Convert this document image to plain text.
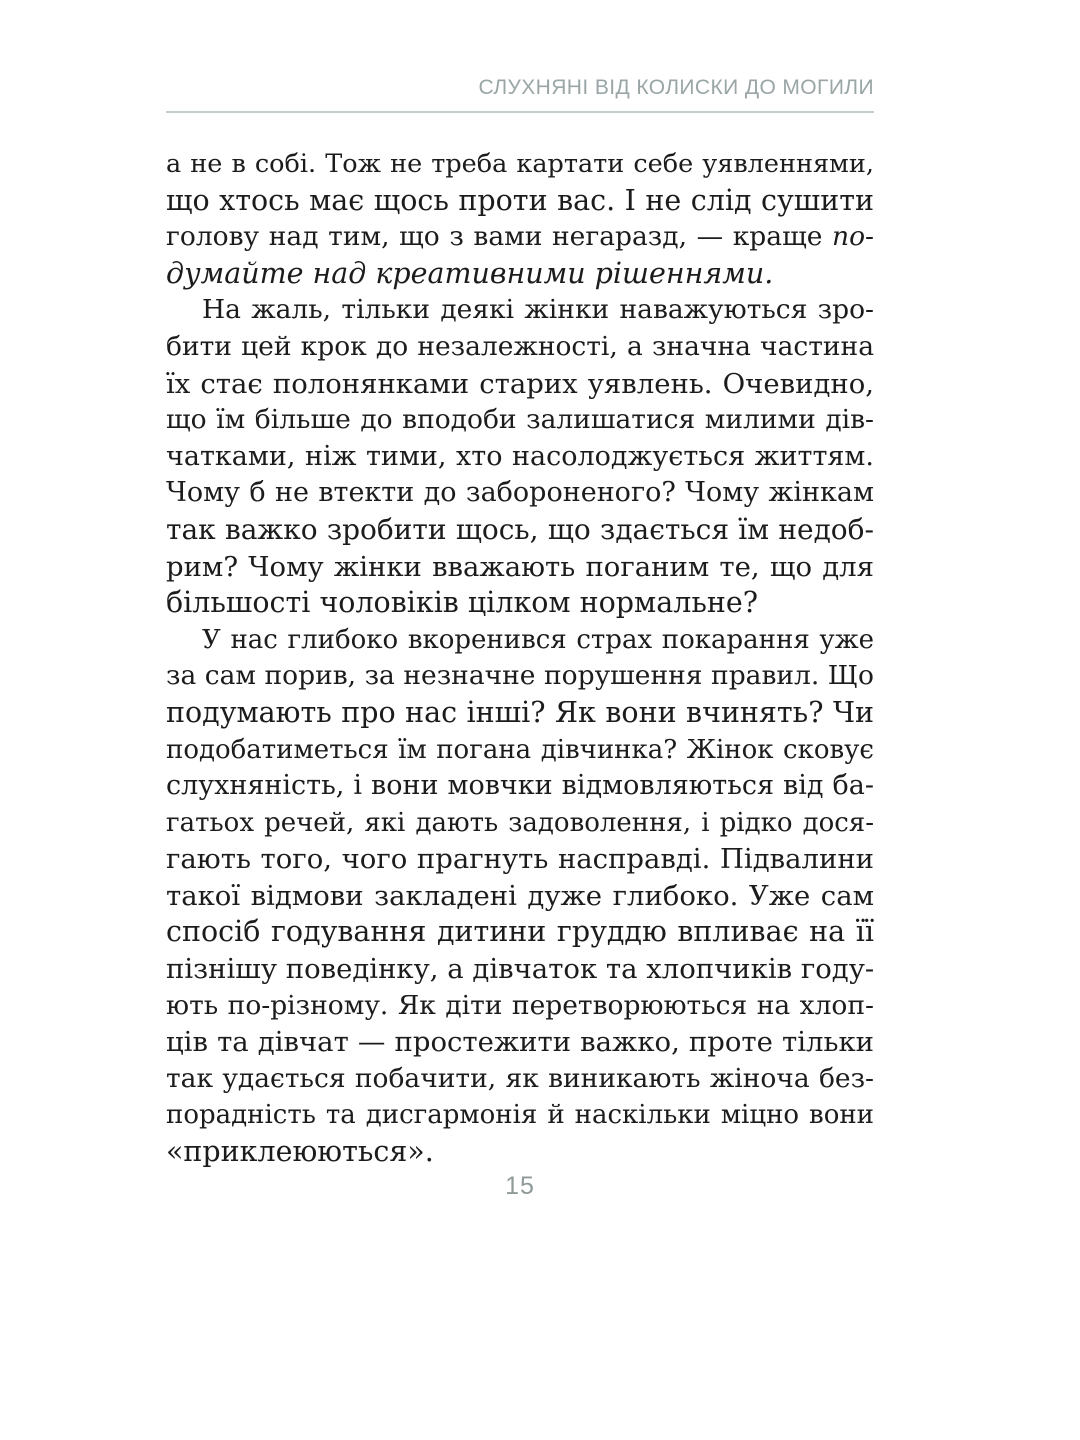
СЛУХНЯНІ ВІД КОЛИСКИ ДО МОГИЛИ
а не в собі. Тож не треба картати себе уявленнями,
що хтось має щось проти вас. І не слід сушити
голову над тим, що з вами негаразд, — краще по-
думайте над креативними рішеннями.
На жаль, тільки деякі жінки наважуються зро-
бити цей крок до незалежності, а значна частина
їх стає полонянками старих уявлень. Очевидно,
що їм більше до вподоби залишатися милими дів-
чатками, ніж тими, хто насолоджується життям.
Чому б не втекти до забороненого? Чому жінкам
так важко зробити щось, що здається їм недоб-
рим? Чому жінки вважають поганим те, що для
більшості чоловіків цілком нормальне?
У нас глибоко вкоренився страх покарання уже
за сам порив, за незначне порушення правил. Що
подумають про нас інші? Як вони вчинять? Чи
подобатиметься їм погана дівчинка? Жінок сковує
слухняність, і вони мовчки відмовляються від ба-
гатьох речей, які дають задоволення, і рідко дося-
гають того, чого прагнуть насправді. Підвалини
такої відмови закладені дуже глибоко. Уже сам
спосіб годування дитини груддю впливає на її
пізнішу поведінку, а дівчаток та хлопчиків году-
ють по-різному. Як діти перетворюються на хлоп-
ців та дівчат — простежити важко, проте тільки
так удається побачити, як виникають жіноча без-
порадність та дисгармонія й наскільки міцно вони
«приклеюються».
15
